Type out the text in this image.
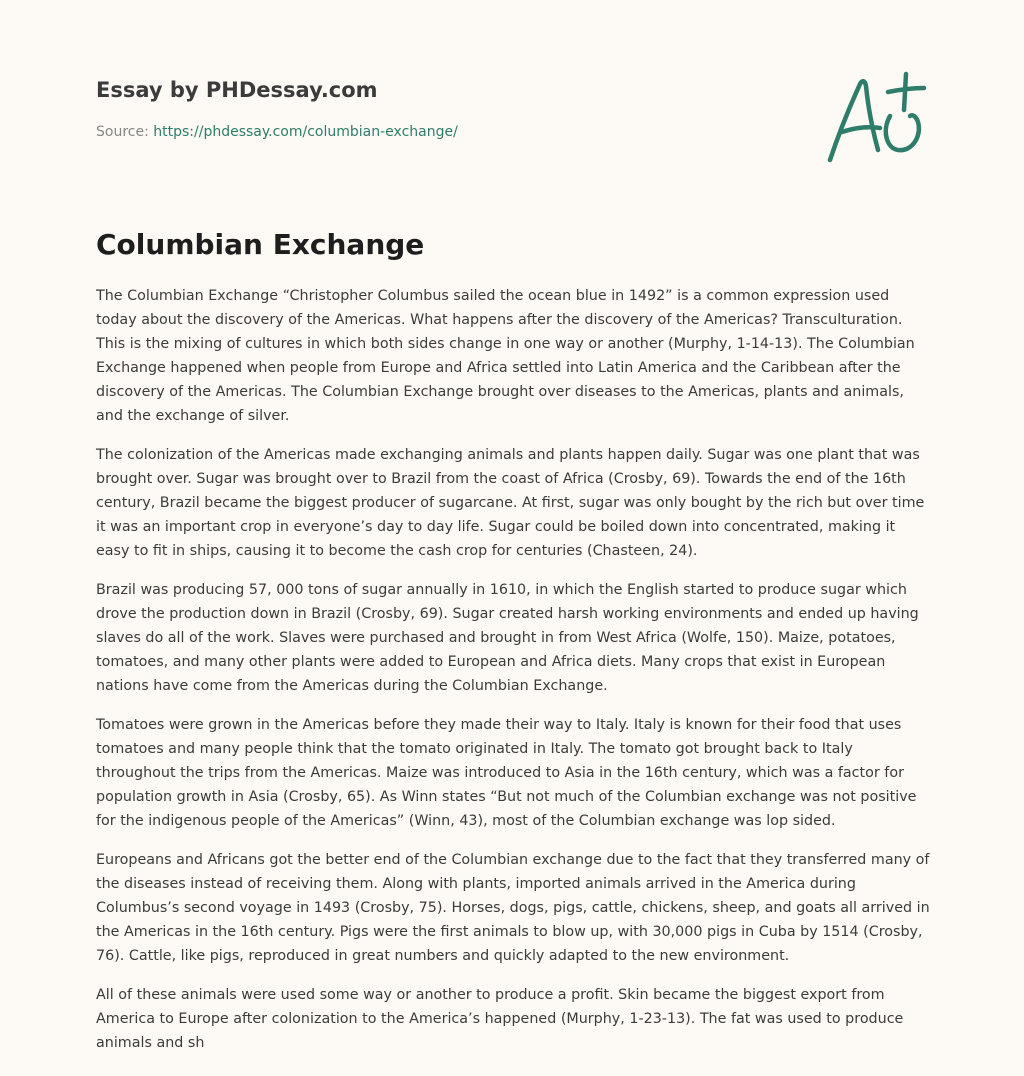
Essay by PHDessay.com
Source: https://phdessay.com/columbian-exchange/
Columbian Exchange

The Columbian Exchange “Christopher Columbus sailed the ocean blue in 1492” is a common expression used today about the discovery of the Americas. What happens after the discovery of the Americas? Transculturation. This is the mixing of cultures in which both sides change in one way or another (Murphy, 1-14-13). The Columbian Exchange happened when people from Europe and Africa settled into Latin America and the Caribbean after the discovery of the Americas. The Columbian Exchange brought over diseases to the Americas, plants and animals, and the exchange of silver.

The colonization of the Americas made exchanging animals and plants happen daily. Sugar was one plant that was brought over. Sugar was brought over to Brazil from the coast of Africa (Crosby, 69). Towards the end of the 16th century, Brazil became the biggest producer of sugarcane. At first, sugar was only bought by the rich but over time it was an important crop in everyone’s day to day life. Sugar could be boiled down into concentrated, making it easy to fit in ships, causing it to become the cash crop for centuries (Chasteen, 24).

Brazil was producing 57, 000 tons of sugar annually in 1610, in which the English started to produce sugar which drove the production down in Brazil (Crosby, 69). Sugar created harsh working environments and ended up having slaves do all of the work. Slaves were purchased and brought in from West Africa (Wolfe, 150). Maize, potatoes, tomatoes, and many other plants were added to European and Africa diets. Many crops that exist in European nations have come from the Americas during the Columbian Exchange.

Tomatoes were grown in the Americas before they made their way to Italy. Italy is known for their food that uses tomatoes and many people think that the tomato originated in Italy. The tomato got brought back to Italy throughout the trips from the Americas. Maize was introduced to Asia in the 16th century, which was a factor for population growth in Asia (Crosby, 65). As Winn states “But not much of the Columbian exchange was not positive for the indigenous people of the Americas” (Winn, 43), most of the Columbian exchange was lop sided.

Europeans and Africans got the better end of the Columbian exchange due to the fact that they transferred many of the diseases instead of receiving them. Along with plants, imported animals arrived in the America during Columbus’s second voyage in 1493 (Crosby, 75). Horses, dogs, pigs, cattle, chickens, sheep, and goats all arrived in the Americas in the 16th century. Pigs were the first animals to blow up, with 30,000 pigs in Cuba by 1514 (Crosby, 76). Cattle, like pigs, reproduced in great numbers and quickly adapted to the new environment.

All of these animals were used some way or another to produce a profit. Skin became the biggest export from America to Europe after colonization to the America’s happened (Murphy, 1-23-13). The fat was used to produce animals and sh
